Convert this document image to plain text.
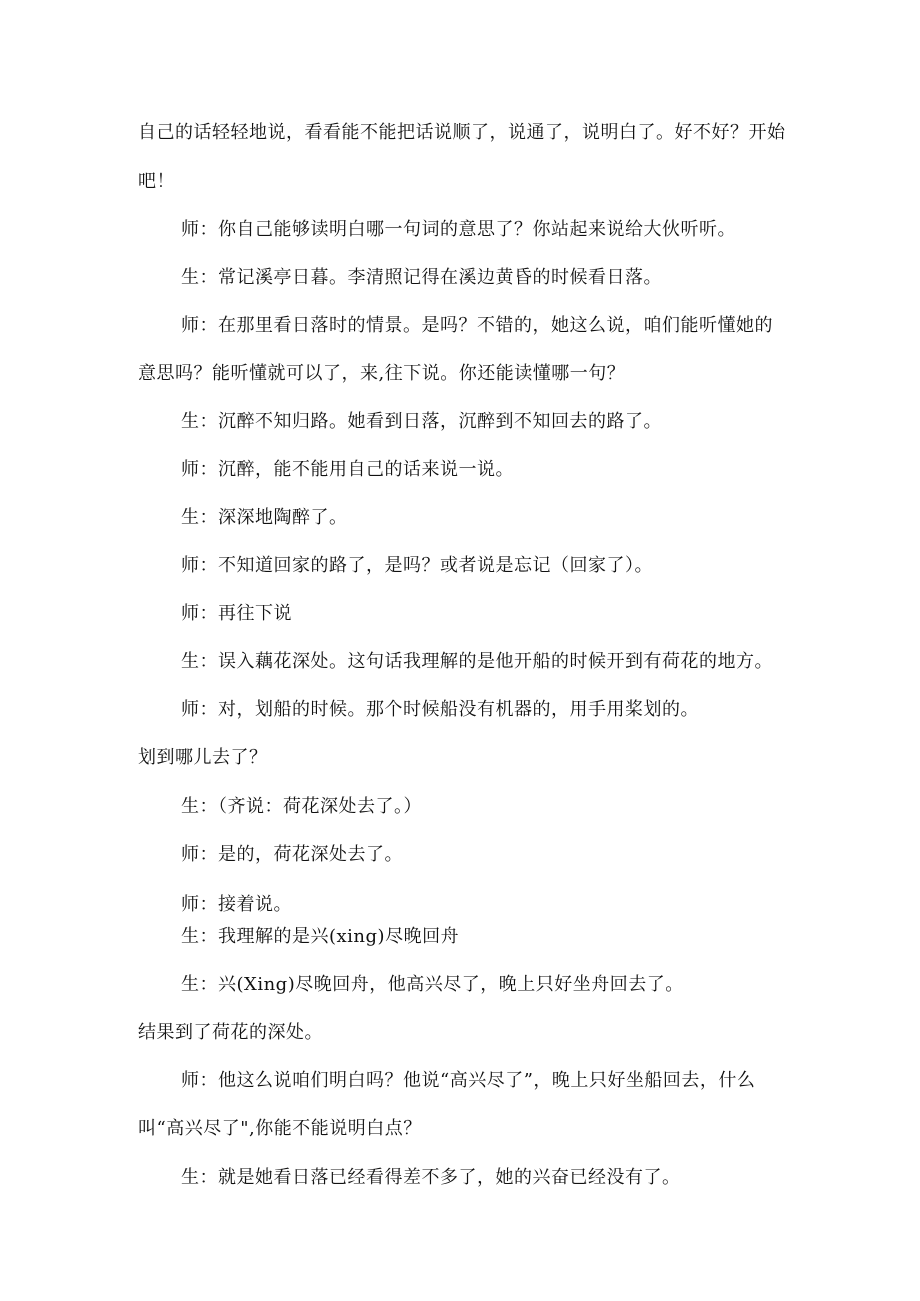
自己的话轻轻地说，看看能不能把话说顺了，说通了，说明白了。好不好？开始
吧！
师：你自己能够读明白哪一句词的意思了？你站起来说给大伙听听。
生：常记溪亭日暮。李清照记得在溪边黄昏的时候看日落。
师：在那里看日落时的情景。是吗？不错的，她这么说，咱们能听懂她的
意思吗？能听懂就可以了，来,往下说。你还能读懂哪一句？
生：沉醉不知归路。她看到日落，沉醉到不知回去的路了。
师：沉醉，能不能用自己的话来说一说。
生：深深地陶醉了。
师：不知道回家的路了，是吗？或者说是忘记（回家了）。
师：再往下说
生：误入藕花深处。这句话我理解的是他开船的时候开到有荷花的地方。
师：对，划船的时候。那个时候船没有机器的，用手用桨划的。
划到哪儿去了？
生：（齐说：荷花深处去了。）
师：是的，荷花深处去了。
师：接着说。
生：我理解的是兴(xing)尽晚回舟
生：兴(Xing)尽晚回舟，他高兴尽了，晚上只好坐舟回去了。
结果到了荷花的深处。
师：他这么说咱们明白吗？他说“高兴尽了”，晚上只好坐船回去，什么
叫“高兴尽了",你能不能说明白点？
生：就是她看日落已经看得差不多了，她的兴奋已经没有了。
